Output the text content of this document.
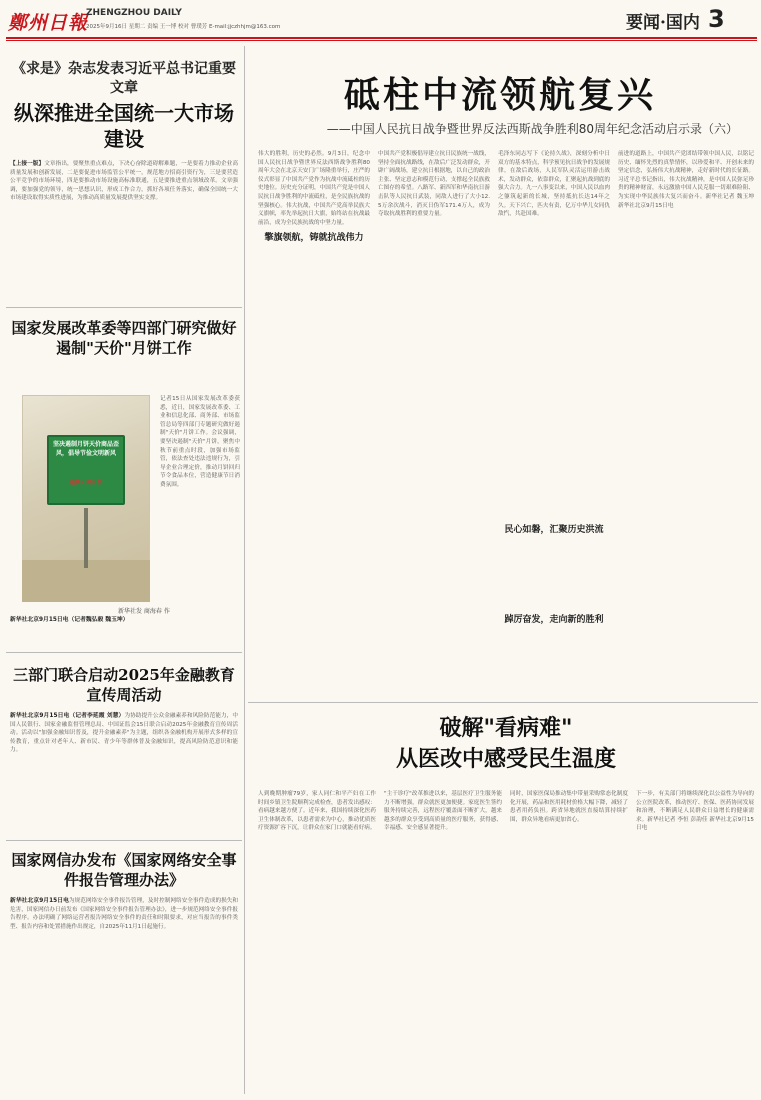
鄭州日報
ZHENGZHOU DAILY
2025年9月16日 星期二 责编 王一博 校对 曹璞芳 E-mail:jjczhhjm@163.com	要闻·国内 3
《求是》杂志发表习近平总书记重要文章
纵深推进全国统一大市场建设
【上接一版】文章指出，要聚焦重点难点，下决心奋除道碍解难题，一是要着力推动企业高质量发展和创新发展，二是要促进市场监管公平统一，规范地方招商引资行为，三是要营造公平竞争的市场环境，四是要推动市场设施高标准联通，五是要推进重点领域改革。文章强调，要加强党的领导，统一思想认识，形成工作合力，抓好各项任务落实，确保全国统一大市场建设取得实质性进展，为推动高质量发展提供坚实支撑。
国家发展改革委等四部门研究做好遏制"天价"月饼工作
坚决遏制月饼天价商品歪风，倡导节俭文明新风
遏制天价月饼
新华社发 商海春 作
记者15日从国家发展改革委获悉，近日，国家发展改革委、工业和信息化部、商务部、市场监管总局等四部门专题研究做好遏制"天价"月饼工作。会议强调，要坚决遏制"天价"月饼，聚焦中秋节前重点时段，加强市场监管，依法查处违法违规行为，引导企业合理定价，推动月饼回归节令食品本位，营造健康节日消费氛围。
新华社北京9月15日电（记者魏弘毅 魏玉坤）
三部门联合启动2025年金融教育宣传周活动
新华社北京9月15日电（记者李延霞 刘慧）为协助提升公众金融素养和风险防范能力，中国人民银行、国家金融监督管理总局、中国证监会15日联合启动2025年金融教育宣传周活动。活动以"加强金融知识普及，提升金融素养"为主题，组织各金融机构开展形式多样的宣传教育，重点针对老年人、新市民、青少年等群体普及金融知识，提高风险防范意识和能力。
国家网信办发布《国家网络安全事件报告管理办法》
新华社北京9月15日电为规范网络安全事件报告管理，及时控制网络安全事件造成的损失和危害，国家网信办日前发布《国家网络安全事件报告管理办法》，进一步规范网络安全事件报告程序。办法明确了网络运营者报告网络安全事件的责任和时限要求，对应当报告的事件类型、报告内容和处置措施作出规定，自2025年11月1日起施行。
砥柱中流领航复兴
——中国人民抗日战争暨世界反法西斯战争胜利80周年纪念活动启示录（六）
伟大的胜利，历史的必然。9月3日，纪念中国人民抗日战争暨世界反法西斯战争胜利80周年大会在北京天安门广场隆重举行，庄严的仪式彰显了中国共产党作为抗战中流砥柱的历史地位。历史充分证明，中国共产党是中国人民抗日战争胜利的中流砥柱，是全民族抗战的坚强核心。伟大抗战，中国共产党高举民族大义旗帜，率先举起抗日大旗，始终站在抗战最前沿，成为全民族抗战的中坚力量。
擎旗领航，铸就抗战伟力
中国共产党积极倡导建立抗日民族统一战线，坚持全面抗战路线，在敌后广泛发动群众，开辟广阔战场，建立抗日根据地，以自己的政治主张、坚定意志和模范行动，支撑起全民族救亡图存的希望。八路军、新四军和华南抗日游击队等人民抗日武装，同敌人进行了大小12.5万余次战斗，消灭日伪军171.4万人，成为夺取抗战胜利的重要力量。
民心如磐，汇聚历史洪流
毛泽东同志写下《论持久战》，深刻分析中日双方的基本特点，科学预见抗日战争的发展规律。在敌后战场，人民军队灵活运用游击战术，发动群众，依靠群众，汇聚起抗战到底的强大合力。九一八事变以来，中国人民以血肉之躯筑起新的长城，坚持抵抗长达14年之久。天下兴亡，匹夫有责，亿万中华儿女同仇敌忾，共赴国难。
踔厉奋发，走向新的胜利
前进的道路上，中国共产党团结带领中国人民，以铭记历史、缅怀先烈的真挚情怀，以珍爱和平、开创未来的坚定信念，弘扬伟大抗战精神，走好新时代的长征路。习近平总书记指出，伟大抗战精神，是中国人民弥足珍贵的精神财富，永远激励中国人民克服一切艰难险阻、为实现中华民族伟大复兴而奋斗。新华社记者 魏玉坤 新华社北京9月15日电
破解"看病难"
从医改中感受民生温度
人到晚期肿瘤79岁，家人同仁和平产妇在工作时间乡镇卫生院顺利完成检查，患者发出感叹：看病越来越方便了。近年来，我国持续深化医药卫生体制改革，以患者需求为中心，推动优质医疗资源扩容下沉，让群众在家门口就能看好病。
"主干诊疗"改革推进以来，基层医疗卫生服务能力不断增强，群众就医更加便捷。家庭医生签约服务持续完善，远程医疗覆盖面不断扩大，越来越多的群众享受到高质量的医疗服务，获得感、幸福感、安全感显著提升。
同时，国家医保局推动集中带量采购常态化制度化开展，药品和医用耗材价格大幅下降，减轻了患者用药负担。跨省异地就医直接结算持续扩围，群众异地看病更加省心。
下一步，有关部门将继续深化以公益性为导向的公立医院改革，推动医疗、医保、医药协同发展和治理，不断满足人民群众日益增长的健康需求。新华社记者 李恒 彭韵佳 新华社北京9月15日电
